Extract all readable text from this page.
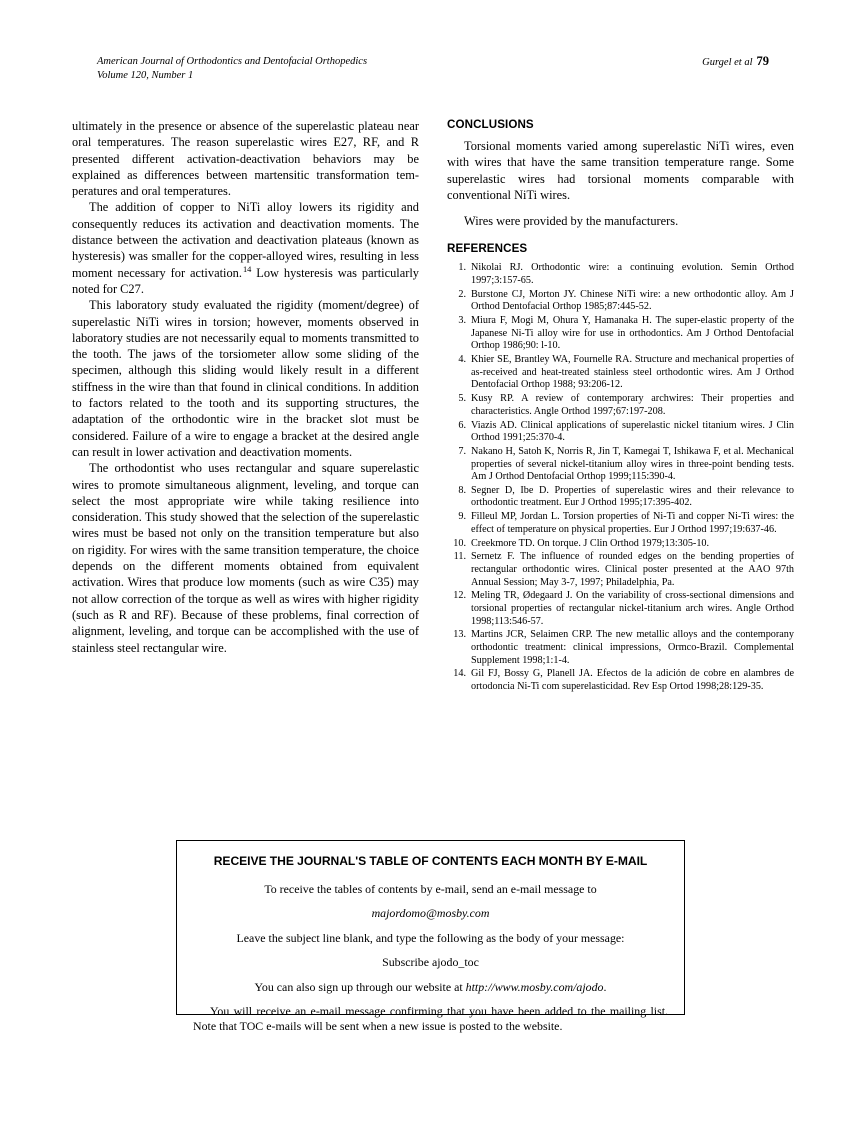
American Journal of Orthodontics and Dentofacial Orthopedics
Volume 120, Number 1
Gurgel et al 79

ultimately in the presence or absence of the superelastic plateau near oral temperatures. The reason superelastic wires E27, RF, and R presented different activation-deactivation behaviors may be explained as differences between martensitic transformation temperatures and oral temperatures.

The addition of copper to NiTi alloy lowers its rigidity and consequently reduces its activation and deactivation moments. The distance between the activation and deactivation plateaus (known as hysteresis) was smaller for the copper-alloyed wires, resulting in less moment necessary for activation.$^{14}$ Low hysteresis was particularly noted for C27.

This laboratory study evaluated the rigidity (moment/degree) of superelastic NiTi wires in torsion; however, moments observed in laboratory studies are not necessarily equal to moments transmitted to the tooth. The jaws of the torsiometer allow some sliding of the specimen, although this sliding would likely result in a different stiffness in the wire than that found in clinical conditions. In addition to factors related to the tooth and its supporting structures, the adaptation of the orthodontic wire in the bracket slot must be considered. Failure of a wire to engage a bracket at the desired angle can result in lower activation and deactivation moments.

The orthodontist who uses rectangular and square superelastic wires to promote simultaneous alignment, leveling, and torque can select the most appropriate wire while taking resilience into consideration. This study showed that the selection of the superelastic wires must be based not only on the transition temperature but also on rigidity. For wires with the same transition temperature, the choice depends on the different moments obtained from equivalent activation. Wires that produce low moments (such as wire C35) may not allow correction of the torque as well as wires with higher rigidity (such as R and RF). Because of these problems, final correction of alignment, leveling, and torque can be accomplished with the use of stainless steel rectangular wire.

CONCLUSIONS

Torsional moments varied among superelastic NiTi wires, even with wires that have the same transition temperature range. Some superelastic wires had torsional moments comparable with conventional NiTi wires.

Wires were provided by the manufacturers.

REFERENCES
Nikolai RJ. Orthodontic wire: a continuing evolution. Semin Orthod 1997;3:157-65.
Burstone CJ, Morton JY. Chinese NiTi wire: a new orthodontic alloy. Am J Orthod Dentofacial Orthop 1985;87:445-52.
Miura F, Mogi M, Ohura Y, Hamanaka H. The super-elastic property of the Japanese Ni-Ti alloy wire for use in orthodontics. Am J Orthod Dentofacial Orthop 1986;90: l-10.
Khier SE, Brantley WA, Fournelle RA. Structure and mechanical properties of as-received and heat-treated stainless steel orthodontic wires. Am J Orthod Dentofacial Orthop 1988; 93:206-12.
Kusy RP. A review of contemporary archwires: Their properties and characteristics. Angle Orthod 1997;67:197-208.
Viazis AD. Clinical applications of superelastic nickel titanium wires. J Clin Orthod 1991;25:370-4.
Nakano H, Satoh K, Norris R, Jin T, Kamegai T, Ishikawa F, et al. Mechanical properties of several nickel-titanium alloy wires in three-point bending tests. Am J Orthod Dentofacial Orthop 1999;115:390-4.
Segner D, Ibe D. Properties of superelastic wires and their relevance to orthodontic treatment. Eur J Orthod 1995;17:395-402.
Filleul MP, Jordan L. Torsion properties of Ni-Ti and copper Ni-Ti wires: the effect of temperature on physical properties. Eur J Orthod 1997;19:637-46.
Creekmore TD. On torque. J Clin Orthod 1979;13:305-10.
Sernetz F. The influence of rounded edges on the bending properties of rectangular orthodontic wires. Clinical poster presented at the AAO 97th Annual Session; May 3-7, 1997; Philadelphia, Pa.
Meling TR, Ødegaard J. On the variability of cross-sectional dimensions and torsional properties of rectangular nickel-titanium arch wires. Angle Orthod 1998;113:546-57.
Martins JCR, Selaimen CRP. The new metallic alloys and the contemporany orthodontic treatment: clinical impressions, Ormco-Brazil. Complemental Supplement 1998;1:1-4.
Gil FJ, Bossy G, Planell JA. Efectos de la adición de cobre en alambres de ortodoncia Ni-Ti com superelasticidad. Rev Esp Ortod 1998;28:129-35.
RECEIVE THE JOURNAL'S TABLE OF CONTENTS EACH MONTH BY E-MAIL
To receive the tables of contents by e-mail, send an e-mail message to
majordomo@mosby.com
Leave the subject line blank, and type the following as the body of your message:
Subscribe ajodo_toc
You can also sign up through our website at http://www.mosby.com/ajodo.

You will receive an e-mail message confirming that you have been added to the mailing list. Note that TOC e-mails will be sent when a new issue is posted to the website.
